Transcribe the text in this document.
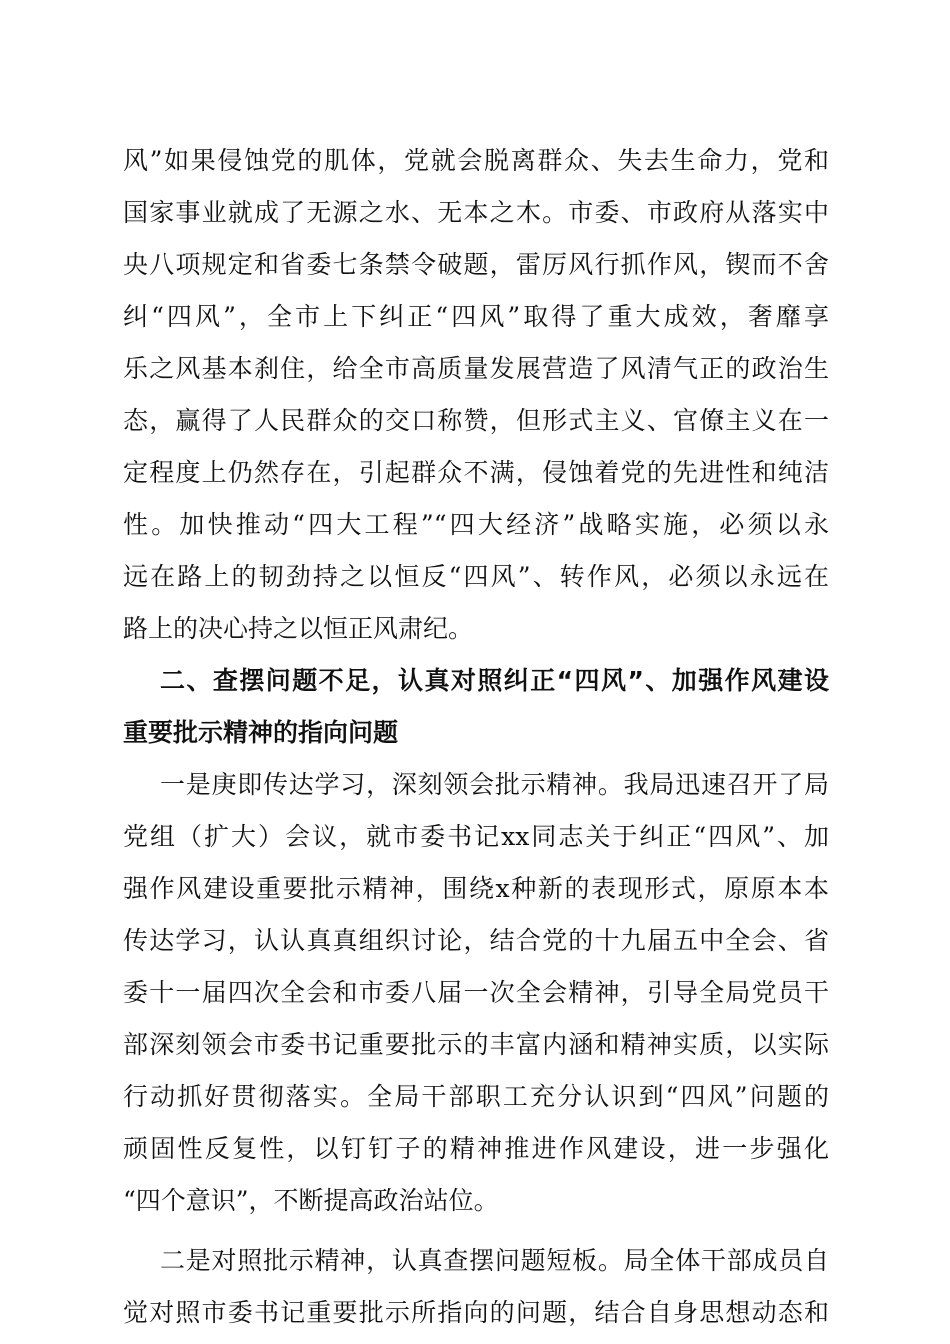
风”如果侵蚀党的肌体，党就会脱离群众、失去生命力，党和
国家事业就成了无源之水、无本之木。市委、市政府从落实中
央八项规定和省委七条禁令破题，雷厉风行抓作风，锲而不舍
纠“四风”，全市上下纠正“四风”取得了重大成效，奢靡享
乐之风基本刹住，给全市高质量发展营造了风清气正的政治生
态，赢得了人民群众的交口称赞，但形式主义、官僚主义在一
定程度上仍然存在，引起群众不满，侵蚀着党的先进性和纯洁
性。加快推动“四大工程”“四大经济”战略实施，必须以永
远在路上的韧劲持之以恒反“四风”、转作风，必须以永远在
路上的决心持之以恒正风肃纪。
二、查摆问题不足，认真对照纠正“四风”、加强作风建设
重要批示精神的指向问题
一是庚即传达学习，深刻领会批示精神。我局迅速召开了局
党组（扩大）会议，就市委书记xx同志关于纠正“四风”、加
强作风建设重要批示精神，围绕x种新的表现形式，原原本本
传达学习，认认真真组织讨论，结合党的十九届五中全会、省
委十一届四次全会和市委八届一次全会精神，引导全局党员干
部深刻领会市委书记重要批示的丰富内涵和精神实质，以实际
行动抓好贯彻落实。全局干部职工充分认识到“四风”问题的
顽固性反复性，以钉钉子的精神推进作风建设，进一步强化
“四个意识”，不断提高政治站位。
二是对照批示精神，认真查摆问题短板。局全体干部成员自
觉对照市委书记重要批示所指向的问题，结合自身思想动态和
